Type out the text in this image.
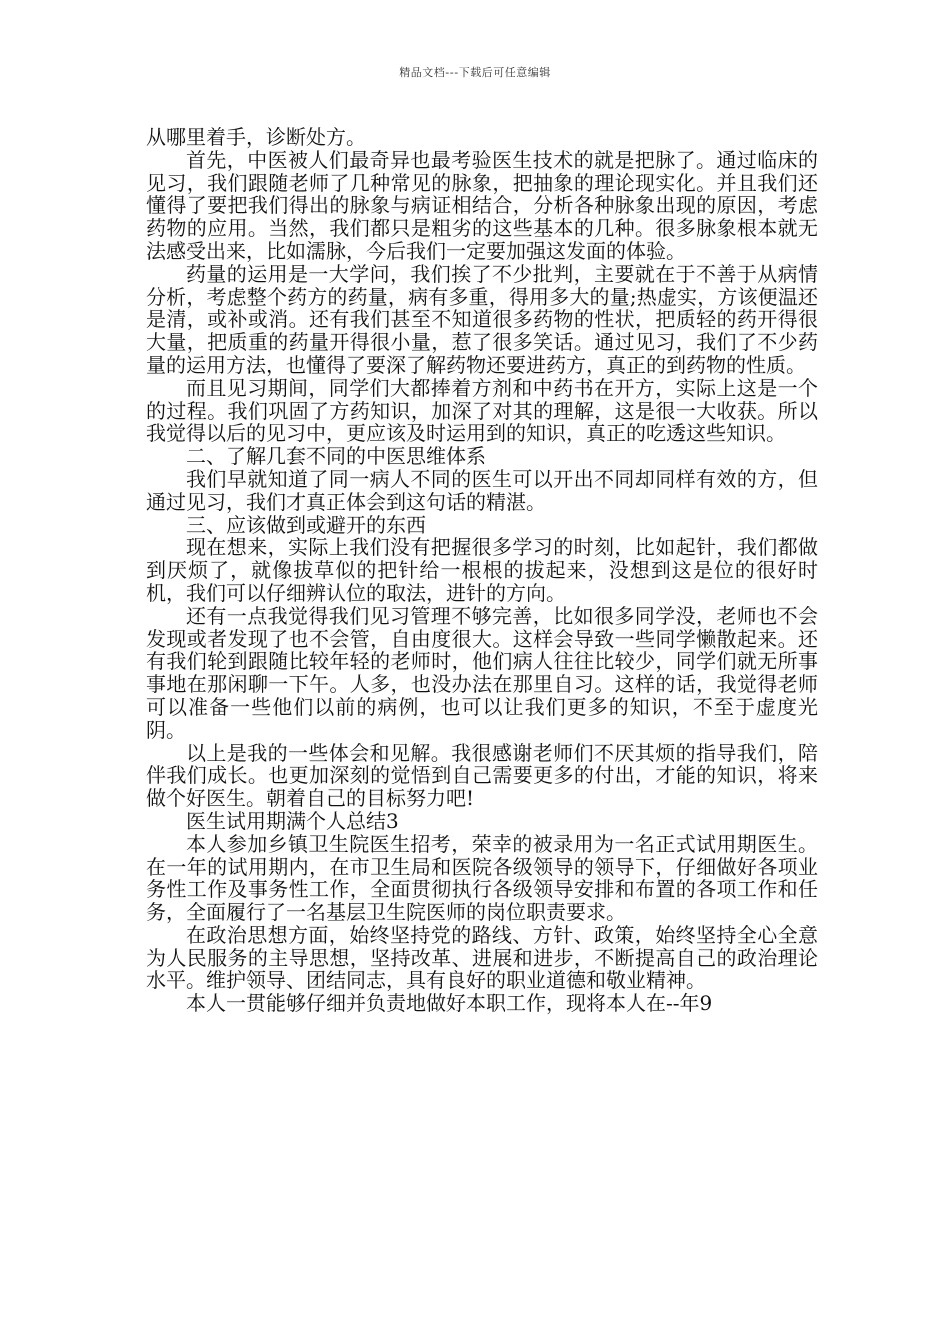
精品文档---下载后可任意编辑

从哪里着手，诊断处方。

首先，中医被人们最奇异也最考验医生技术的就是把脉了。通过临床的见习，我们跟随老师了几种常见的脉象，把抽象的理论现实化。并且我们还懂得了要把我们得出的脉象与病证相结合，分析各种脉象出现的原因，考虑药物的应用。当然，我们都只是粗劣的这些基本的几种。很多脉象根本就无法感受出来，比如濡脉，今后我们一定要加强这发面的体验。

药量的运用是一大学问，我们挨了不少批判，主要就在于不善于从病情分析，考虑整个药方的药量，病有多重，得用多大的量;热虚实，方该便温还是清，或补或消。还有我们甚至不知道很多药物的性状，把质轻的药开得很大量，把质重的药量开得很小量，惹了很多笑话。通过见习，我们了不少药量的运用方法，也懂得了要深了解药物还要进药方，真正的到药物的性质。

而且见习期间，同学们大都捧着方剂和中药书在开方，实际上这是一个的过程。我们巩固了方药知识，加深了对其的理解，这是很一大收获。所以我觉得以后的见习中，更应该及时运用到的知识，真正的吃透这些知识。

二、了解几套不同的中医思维体系

我们早就知道了同一病人不同的医生可以开出不同却同样有效的方，但通过见习，我们才真正体会到这句话的精湛。

三、应该做到或避开的东西

现在想来，实际上我们没有把握很多学习的时刻，比如起针，我们都做到厌烦了，就像拔草似的把针给一根根的拔起来，没想到这是位的很好时机，我们可以仔细辨认位的取法，进针的方向。

还有一点我觉得我们见习管理不够完善，比如很多同学没，老师也不会发现或者发现了也不会管，自由度很大。这样会导致一些同学懒散起来。还有我们轮到跟随比较年轻的老师时，他们病人往往比较少，同学们就无所事事地在那闲聊一下午。人多，也没办法在那里自习。这样的话，我觉得老师可以准备一些他们以前的病例，也可以让我们更多的知识，不至于虚度光阴。

以上是我的一些体会和见解。我很感谢老师们不厌其烦的指导我们，陪伴我们成长。也更加深刻的觉悟到自己需要更多的付出，才能的知识，将来做个好医生。朝着自己的目标努力吧!

医生试用期满个人总结3

本人参加乡镇卫生院医生招考，荣幸的被录用为一名正式试用期医生。在一年的试用期内，在市卫生局和医院各级领导的领导下，仔细做好各项业务性工作及事务性工作，全面贯彻执行各级领导安排和布置的各项工作和任务，全面履行了一名基层卫生院医师的岗位职责要求。

在政治思想方面，始终坚持党的路线、方针、政策，始终坚持全心全意为人民服务的主导思想，坚持改革、进展和进步，不断提高自己的政治理论水平。维护领导、团结同志，具有良好的职业道德和敬业精神。

本人一贯能够仔细并负责地做好本职工作，现将本人在--年9
